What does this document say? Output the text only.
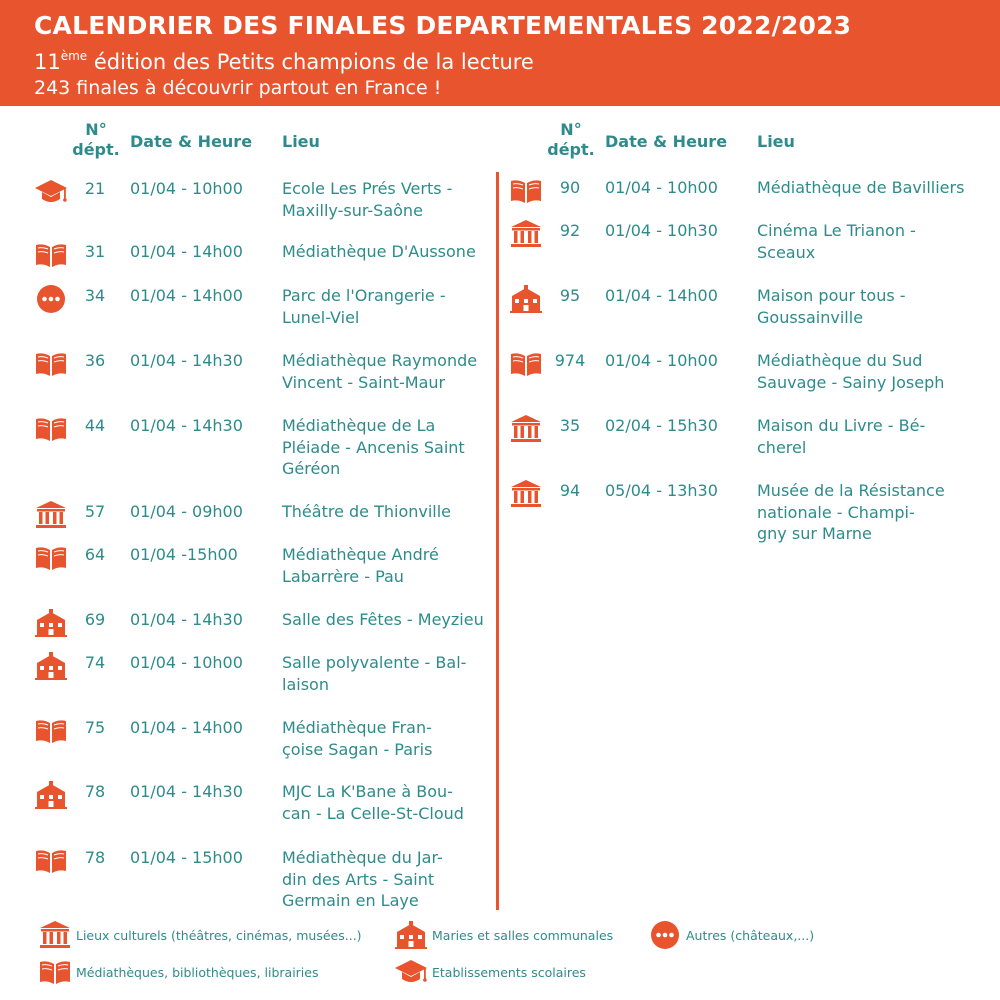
CALENDRIER DES FINALES DEPARTEMENTALES 2022/2023
11ème édition des Petits champions de la lecture
243 finales à découvrir partout en France !
N°
dépt. Date & Heure Lieu
21	01/04 - 10h00 Ecole Les Prés Verts -
Maxilly-sur-Saône
31	01/04 - 14h00 Médiathèque D'Aussone
34	01/04 - 14h00 Parc de l'Orangerie -
Lunel-Viel
36	01/04 - 14h30 Médiathèque Raymonde
Vincent - Saint-Maur
44	01/04 - 14h30 Médiathèque de La
Pléiade - Ancenis Saint
Géréon
57	01/04 - 09h00 Théâtre de Thionville
64	01/04 -15h00	Médiathèque André
Labarrère - Pau
69	01/04 - 14h30 Salle des Fêtes - Meyzieu
74	01/04 - 10h00 Salle polyvalente - Bal-
laison
75	01/04 - 14h00 Médiathèque Fran-
çoise Sagan - Paris
78	01/04 - 14h30 MJC La K'Bane à Bou-
can - La Celle-St-Cloud
78	01/04 - 15h00 Médiathèque du Jar-
din des Arts - Saint
Germain en Laye
N°
dépt. Date & Heure Lieu
90	01/04 - 10h00 Médiathèque de Bavilliers
92	01/04 - 10h30 Cinéma Le Trianon -
Sceaux
95	01/04 - 14h00 Maison pour tous -
Goussainville
974	01/04 - 10h00 Médiathèque du Sud
Sauvage - Sainy Joseph
35	02/04 - 15h30 Maison du Livre - Bé-
cherel
94	05/04 - 13h30 Musée de la Résistance
nationale - Champi-
gny sur Marne
Lieux culturels (théâtres, cinémas, musées...)	Maries et salles communales	Autres (châteaux,...)
Médiathèques, bibliothèques, librairies	Etablissements scolaires
